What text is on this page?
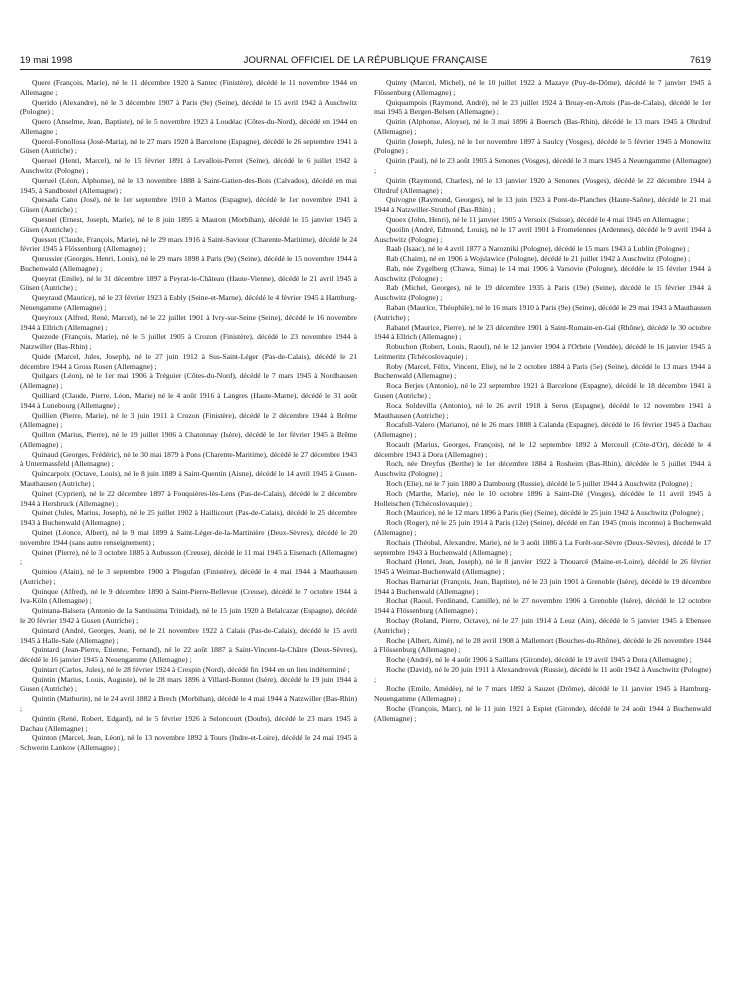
19 mai 1998	JOURNAL OFFICIEL DE LA RÉPUBLIQUE FRANÇAISE	7619

Quere (François, Marie), né le 11 décembre 1920 à Santec (Finistère), décédé le 11 novembre 1944 en Allemagne ;

Querido (Alexandre), né le 3 décembre 1907 à Paris (9e) (Seine), décédé le 15 avril 1942 à Auschwitz (Pologne) ;

Quero (Anselme, Jean, Baptiste), né le 5 novembre 1923 à Loudéac (Côtes-du-Nord), décédé en 1944 en Allemagne ;

Querol-Fonollosa (José-Maria), né le 27 mars 1920 à Barcelone (Espagne), décédé le 26 septembre 1941 à Güsen (Autriche) ;

Queruel (Henri, Marcel), né le 15 février 1891 à Levallois-Perret (Seine), décédé le 6 juillet 1942 à Auschwitz (Pologne) ;

Queruel (Léon, Alphonse), né le 13 novembre 1888 à Saint-Gatien-des-Bois (Calvados), décédé en mai 1945, à Sandbostel (Allemagne) ;

Quesada Cano (José), né le 1er septembre 1910 à Martos (Espagne), décédé le 1er novembre 1941 à Güsen (Autriche) ;

Quesnel (Ernest, Joseph, Marie), né le 8 juin 1895 à Mauron (Morbihan), décédé le 15 janvier 1945 à Güsen (Autriche) ;

Quessot (Claude, François, Marie), né le 29 mars 1916 à Saint-Saviour (Charente-Maritime), décédé le 24 février 1945 à Flössenburg (Allemagne) ;

Queussier (Georges, Henri, Louis), né le 29 mars 1898 à Paris (9e) (Seine), décédé le 15 novembre 1944 à Buchenwald (Allemagne) ;

Queyrat (Emile), né le 31 décembre 1897 à Peyrat-le-Château (Haute-Vienne), décédé le 21 avril 1945 à Güsen (Autriche) ;

Queyraud (Maurice), né le 23 février 1923 à Esbly (Seine-et-Marne), décédé le 4 février 1945 à Hamburg-Neuengamme (Allemagne) ;

Queyroux (Alfred, René, Marcel), né le 22 juillet 1901 à Ivry-sur-Seine (Seine), décédé le 16 novembre 1944 à Ellrich (Allemagne) ;

Quezede (François, Marie), né le 5 juillet 1905 à Crozon (Finistère), décédé le 23 novembre 1944 à Natzwiller (Bas-Rhin) ;

Quide (Marcel, Jules, Joseph), né le 27 juin 1912 à Sus-Saint-Léger (Pas-de-Calais), décédé le 21 décembre 1944 à Gross Rosen (Allemagne) ;

Quilgars (Léon), né le 1er mai 1906 à Tréguier (Côtes-du-Nord), décédé le 7 mars 1945 à Nordhausen (Allemagne) ;

Quilliard (Claude, Pierre, Léon, Marie) né le 4 août 1916 à Langres (Haute-Marne), décédé le 31 août 1944 à Lunebourg (Allemagne) ;

Quillien (Pierre, Marie), né le 3 juin 1911 à Crozon (Finistère), décédé le 2 décembre 1944 à Brême (Allemagne) ;

Quillon (Marius, Pierre), né le 19 juillet 1906 à Chatonnay (Isère), décédé le 1er février 1945 à Brême (Allemagne) ;

Quinaud (Georges, Frédéric), né le 30 mai 1879 à Pons (Charente-Maritime), décédé le 27 décembre 1943 à Untermassfeld (Allemagne) ;

Quincarpoix (Octave, Louis), né le 8 juin 1889 à Saint-Quentin (Aisne), décédé le 14 avril 1945 à Gusen-Mauthausen (Autriche) ;

Quinet (Cyprien), né le 22 décembre 1897 à Fouquières-lès-Lens (Pas-de-Calais), décédé le 2 décembre 1944 à Hersbruck (Allemagne) ;

Quinet (Jules, Marius, Joseph), né le 25 juillet 1902 à Haillicourt (Pas-de-Calais), décédé le 25 décembre 1943 à Buchenwald (Allemagne) ;

Quinet (Léonce, Albert), né le 9 mai 1899 à Saint-Léger-de-la-Martinière (Deux-Sèvres), décédé le 20 novembre 1944 (sans autre renseignement) ;

Quinet (Pierre), né le 3 octobre 1885 à Aubusson (Creuse), décédé le 11 mai 1945 à Eisenach (Allemagne) ;

Quiniou (Alain), né le 3 septembre 1900 à Plugufan (Finistère), décédé le 4 mai 1944 à Mauthausen (Autriche) ;

Quinque (Alfred), né le 9 décembre 1890 à Saint-Pierre-Bellevue (Creuse), décédé le 7 octobre 1944 à Iva-Köln (Allemagne) ;

Quintana-Balsera (Antonio de la Santissima Trinidad), né le 15 juin 1920 à Belalcazar (Espagne), décédé le 20 février 1942 à Gusen (Autriche) ;

Quintard (André, Georges, Jean), né le 21 novembre 1922 à Calais (Pas-de-Calais), décédé le 15 avril 1945 à Halle-Sale (Allemagne) ;

Quintard (Jean-Pierre, Etienne, Fernand), né le 22 août 1887 à Saint-Vincent-la-Châtre (Deux-Sèvres), décédé le 16 janvier 1945 à Neuengamme (Allemagne) ;

Quintart (Carlos, Jules), né le 28 février 1924 à Crespin (Nord), décédé fin 1944 en un lieu indéterminé ;

Quintin (Marius, Louis, Auguste), né le 28 mars 1896 à Villard-Bonnot (Isère), décédé le 19 juin 1944 à Gusen (Autriche) ;

Quintin (Mathurin), né le 24 avril 1882 à Brech (Morbihan), décédé le 4 mai 1944 à Natzwiller (Bas-Rhin) ;

Quintin (René, Robert, Edgard), né le 5 février 1926 à Seloncourt (Doubs), décédé le 23 mars 1945 à Dachau (Allemagne) ;

Quinton (Marcel, Jean, Léon), né le 13 novembre 1892 à Tours (Indre-et-Loire), décédé le 24 mai 1945 à Schwerin Lankow (Allemagne) ;

Quinty (Marcel, Michel), né le 10 juillet 1922 à Mazaye (Puy-de-Dôme), décédé le 7 janvier 1945 à Flössenburg (Allemagne) ;

Quiquampois (Raymond, André), né le 23 juillet 1924 à Bruay-en-Artois (Pas-de-Calais), décédé le 1er mai 1945 à Bergen-Belsen (Allemagne) ;

Quirin (Alphonse, Aloyse), né le 3 mai 1896 à Boersch (Bas-Rhin), décédé le 13 mars 1945 à Ohrdruf (Allemagne) ;

Quirin (Joseph, Jules), né le 1er novembre 1897 à Saulcy (Vosges), décédé le 5 février 1945 à Monowitz (Pologne) ;

Quirin (Paul), né le 23 août 1905 à Senones (Vosges), décédé le 3 mars 1945 à Neuengamme (Allemagne) ;

Quirin (Raymond, Charles), né le 13 janvier 1920 à Senones (Vosges), décédé le 22 décembre 1944 à Ohrdruf (Allemagne) ;

Quivogne (Raymond, Georges), né le 13 juin 1923 à Pont-de-Planches (Haute-Saône), décédé le 21 mai 1944 à Natzwiller-Struthof (Bas-Rhin) ;

Quoex (John, Henri), né le 11 janvier 1905 à Versoix (Suisse), décédé le 4 mai 1945 en Allemagne ;

Quoilin (André, Edmond, Louis), né le 17 avril 1901 à Fromelennes (Ardennes), décédé le 9 avril 1944 à Auschwitz (Pologne) ;

Raab (Isaac), né le 4 avril 1877 à Narozniki (Pologne), décédé le 15 mars 1943 à Lublin (Pologne) ;

Rab (Chaim), né en 1906 à Wojslawice (Pologne), décédé le 21 juillet 1942 à Auschwitz (Pologne) ;

Rab, née Zygelberg (Chawa, Sima) le 14 mai 1906 à Varsovie (Pologne), décédée le 15 février 1944 à Auschwitz (Pologne) ;

Rab (Michel, Georges), né le 19 décembre 1935 à Paris (19e) (Seine), décédé le 15 février 1944 à Auschwitz (Pologne) ;

Raban (Maurice, Théophile), né le 16 mars 1910 à Paris (9e) (Seine), décédé le 29 mai 1943 à Mauthausen (Autriche) ;

Rabatel (Maurice, Pierre), né le 23 décembre 1901 à Saint-Romain-en-Gal (Rhône), décédé le 30 octobre 1944 à Ellrich (Allemagne) ;

Robuchon (Robert, Louis, Raoul), né le 12 janvier 1904 à l'Orbrie (Vendée), décédé le 16 janvier 1945 à Leitmeritz (Tchécoslovaquie) ;

Roby (Marcel, Félix, Vincent, Elie), né le 2 octobre 1884 à Paris (5e) (Seine), décédé le 13 mars 1944 à Buchenwald (Allemagne) ;

Roca Berjes (Antonio), né le 23 septembre 1921 à Barcelone (Espagne), décédé le 18 décembre 1941 à Gusen (Autriche) ;

Roca Soldevilla (Antonio), né le 26 avril 1918 à Seros (Espagne), décédé le 12 novembre 1941 à Mauthausen (Autriche) ;

Rocafull-Valero (Mariano), né le 26 mars 1888 à Calanda (Espagne), décédé le 16 février 1945 à Dachau (Allemagne) ;

Rocault (Marius, Georges, François), né le 12 septembre 1892 à Merceuil (Côte-d'Or), décédé le 4 décembre 1943 à Dora (Allemagne) ;

Roch, née Dreyfus (Berthe) le 1er décembre 1884 à Rosheim (Bas-Rhin), décédée le 5 juillet 1944 à Auschwitz (Pologne) ;

Roch (Elie), né le 7 juin 1880 à Dambourg (Russie), décédé le 5 juillet 1944 à Auschwitz (Pologne) ;

Roch (Marthe, Marie), née le 10 octobre 1896 à Saint-Dié (Vosges), décédée le 11 avril 1945 à Holleischen (Tchécoslovaquie) ;

Roch (Maurice), né le 12 mars 1896 à Paris (6e) (Seine), décédé le 25 juin 1942 à Auschwitz (Pologne) ;

Roch (Roger), né le 25 juin 1914 à Paris (12e) (Seine), décédé en l'an 1945 (mois inconnu) à Buchenwald (Allemagne) ;

Rochais (Théobal, Alexandre, Marie), né le 3 août 1886 à La Forêt-sur-Sèvre (Deux-Sèvres), décédé le 17 septembre 1943 à Buchenwald (Allemagne) ;

Rochard (Henri, Jean, Joseph), né le 8 janvier 1922 à Thouarcé (Maine-et-Loire), décédé le 26 février 1945 à Weimar-Buchenwald (Allemagne) ;

Rochas Barnariat (François, Jean, Baptiste), né le 23 juin 1901 à Grenoble (Isère), décédé le 19 décembre 1944 à Buchenwald (Allemagne) ;

Rochat (Raoul, Ferdinand, Camille), né le 27 novembre 1906 à Grenoble (Isère), décédé le 12 octobre 1944 à Flössenburg (Allemagne) ;

Rochay (Roland, Pierre, Octave), né le 27 juin 1914 à Leuz (Ain), décédé le 5 janvier 1945 à Ebensee (Autriche) ;

Roche (Albert, Aimé), né le 28 avril 1908 à Mallemort (Bouches-du-Rhône), décédé le 26 novembre 1944 à Flössenburg (Allemagne) ;

Roche (André), né le 4 août 1906 à Saillans (Gironde), décédé le 19 avril 1945 à Dora (Allemagne) ;

Roche (David), né le 20 juin 1911 à Alexandrovsk (Russie), décédé le 11 août 1942 à Auschwitz (Pologne) ;

Roche (Emile, Amédée), né le 7 mars 1892 à Sauzet (Drôme), décédé le 11 janvier 1945 à Hamburg-Neuengamme (Allemagne) ;

Roche (François, Marc), né le 11 juin 1921 à Espiet (Gironde), décédé le 24 août 1944 à Buchenwald (Allemagne) ;
